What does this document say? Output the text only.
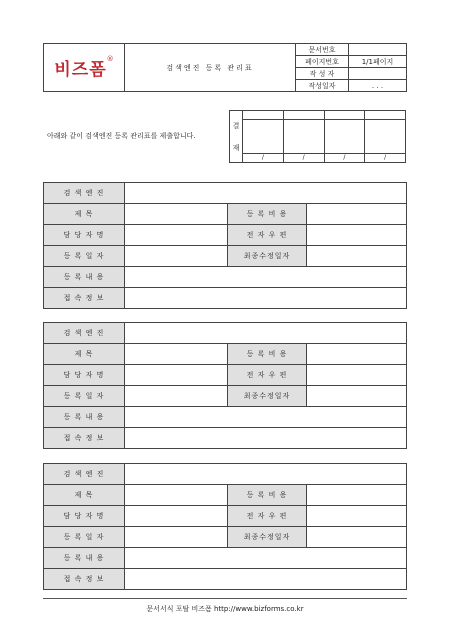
비즈폼®	검색엔진 등록 관리표	문서번호	
		페이지번호	1/1페이지
		작 성 자	
		작성일자	. . .
아래와 같이 검색엔진 등록 관리표를 제출합니다.
결
재				

	/	/	/	/
검 색 엔 진			
제 목		등 록 비 용	
담 당 자 명		전 자 우 편	
등 록 일 자		최종수정일자	
등 록 내 용			
접 속 정 보			
검 색 엔 진			
제 목		등 록 비 용	
담 당 자 명		전 자 우 편	
등 록 일 자		최종수정일자	
등 록 내 용			
접 속 정 보			
검 색 엔 진			
제 목		등 록 비 용	
담 당 자 명		전 자 우 편	
등 록 일 자		최종수정일자	
등 록 내 용			
접 속 정 보			
문서서식 포탈 비즈폼 http://www.bizforms.co.kr
